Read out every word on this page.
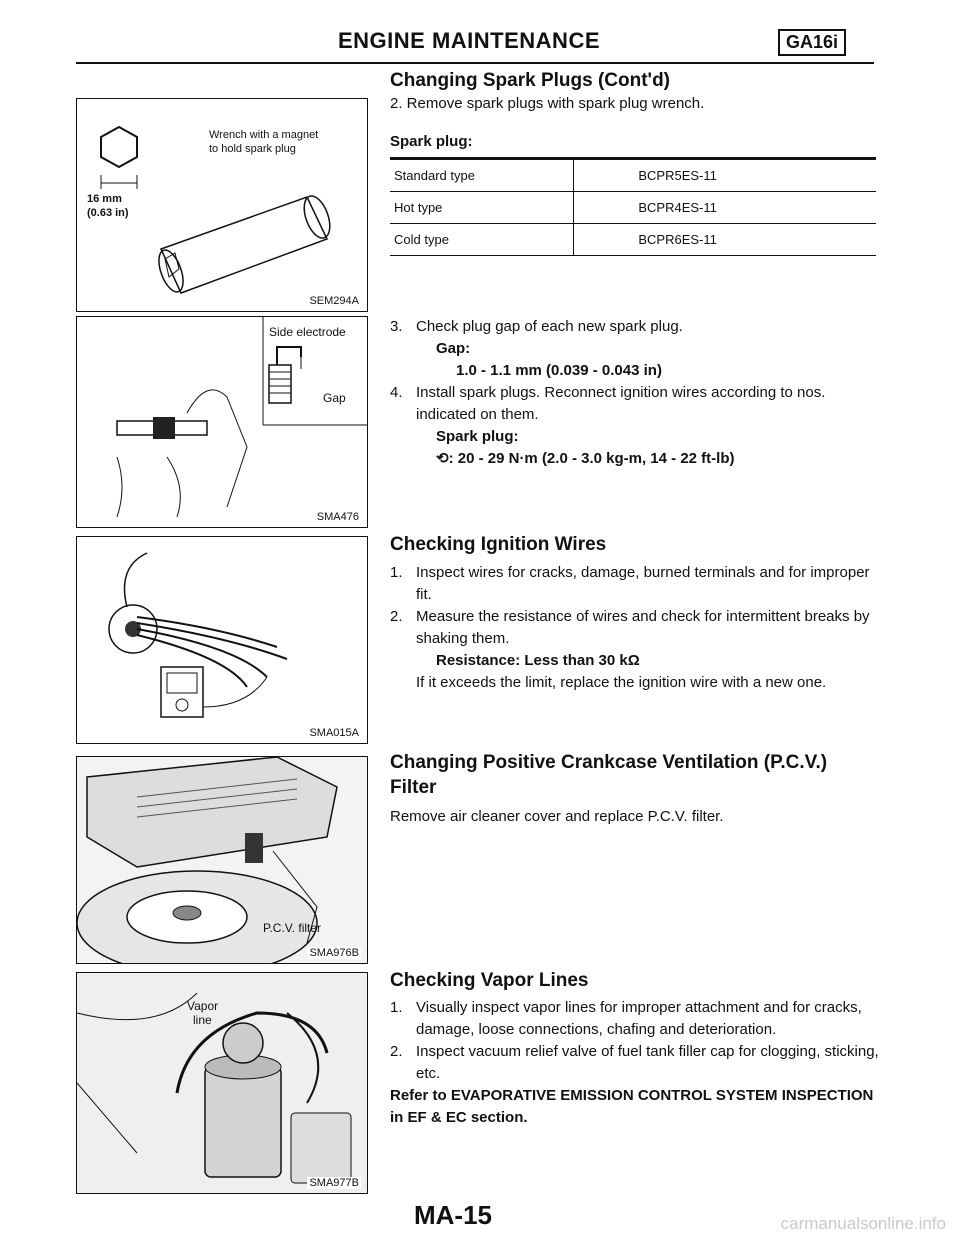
ENGINE MAINTENANCE	GA16i
Wrench with a magnet
to hold spark plug
16 mm
(0.63 in)
SEM294A
Side electrode
Gap
SMA476
SMA015A
P.C.V. filter
SMA976B
Vapor
line
SMA977B
Changing Spark Plugs (Cont'd)
2. Remove spark plugs with spark plug wrench.
Spark plug:
Standard type	BCPR5ES-11
Hot type	BCPR4ES-11
Cold type	BCPR6ES-11
3. Check plug gap of each new spark plug.
Gap:
1.0 - 1.1 mm (0.039 - 0.043 in)
4. Install spark plugs. Reconnect ignition wires according to nos. indicated on them.
Spark plug:
⟲: 20 - 29 N·m (2.0 - 3.0 kg-m, 14 - 22 ft-lb)
Checking Ignition Wires
1. Inspect wires for cracks, damage, burned terminals and for improper fit.
2. Measure the resistance of wires and check for intermittent breaks by shaking them.
Resistance: Less than 30 kΩ
If it exceeds the limit, replace the ignition wire with a new one.
Changing Positive Crankcase Ventilation (P.C.V.)
Filter
Remove air cleaner cover and replace P.C.V. filter.
Checking Vapor Lines
1. Visually inspect vapor lines for improper attachment and for cracks, damage, loose connections, chafing and deterioration.
2. Inspect vacuum relief valve of fuel tank filler cap for clogging, sticking, etc.
Refer to EVAPORATIVE EMISSION CONTROL SYSTEM INSPECTION in EF & EC section.
MA-15	carmanualsonline.info
